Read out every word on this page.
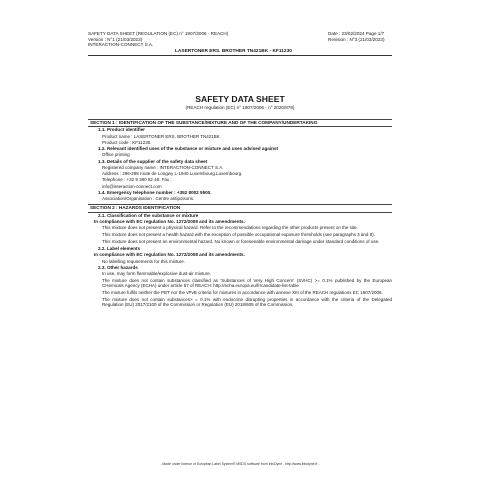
SAFETY DATA SHEET (REGULATION (EC) n° 1907/2006 - REACH)
Version : N°1 (21/03/2023)
INTERACTION-CONNECT S.A.
Date : 23/02/2024 Page 1/7
Revision : N°3 (21/03/2023)
LASERTONER ERS. BROTHER TN421BK - KF11230
SAFETY DATA SHEET
(REACH regulation (EC) n° 1907/2006 - n° 2020/878)
SECTION 1 : IDENTIFICATION OF THE SUBSTANCE/MIXTURE AND OF THE COMPANY/UNDERTAKING
1.1. Product identifier
Product name : LASERTONER ERS. BROTHER TN421BK
Product code : KF11230.
1.2. Relevant identified uses of the substance or mixture and uses advised against
Office printing
1.3. Details of the supplier of the safety data sheet
Registered company name : INTERACTION-CONNECT S.A.
Address : 296-298 route de Longwy L-1940.Luxembourg.Luxembourg.
Telephone : +32 9 380 82 48. Fax :
info@interaction-connect.com
1.4. Emergency telephone number : +352 8002 5500.
Association/Organisation : Centre antipoisons.
SECTION 2 : HAZARDS IDENTIFICATION
2.1. Classification of the substance or mixture
In compliance with EC regulation No. 1272/2008 and its amendments.
This mixture does not present a physical hazard. Refer to the recommendations regarding the other products present on the site.
This mixture does not present a health hazard with the exception of possible occupational exposure thresholds (see paragraphs 3 and 8).
This mixture does not present an environmental hazard. No known or foreseeable environmental damage under standard conditions of use.
2.2. Label elements
In compliance with EC regulation No. 1272/2008 and its amendments.
No labelling requirements for this mixture.
2.3. Other hazards
In use, may form flammable/explosive dust-air mixture.
The mixture does not contain substances classified as 'Substances of Very High Concern' (SVHC) >= 0.1% published by the European CHemicals Agency (ECHA) under article 57 of REACH: http://echa.europa.eu/fr/candidate-list-table
The mixture fulfils neither the PBT nor the vPvB criteria for mixtures in accordance with annexe XIII of the REACH regulations EC 1907/2006.
The mixture does not contain substances> = 0.1% with endocrine disrupting properties in accordance with the criteria of the Delegated Regulation (EU) 2017/2100 of the Commission or Regulation (EU) 2018/605 of the Commission.
- Made under licence of European Label System® MSDS software from InfoDyne - http://www.infodyne.fr -
